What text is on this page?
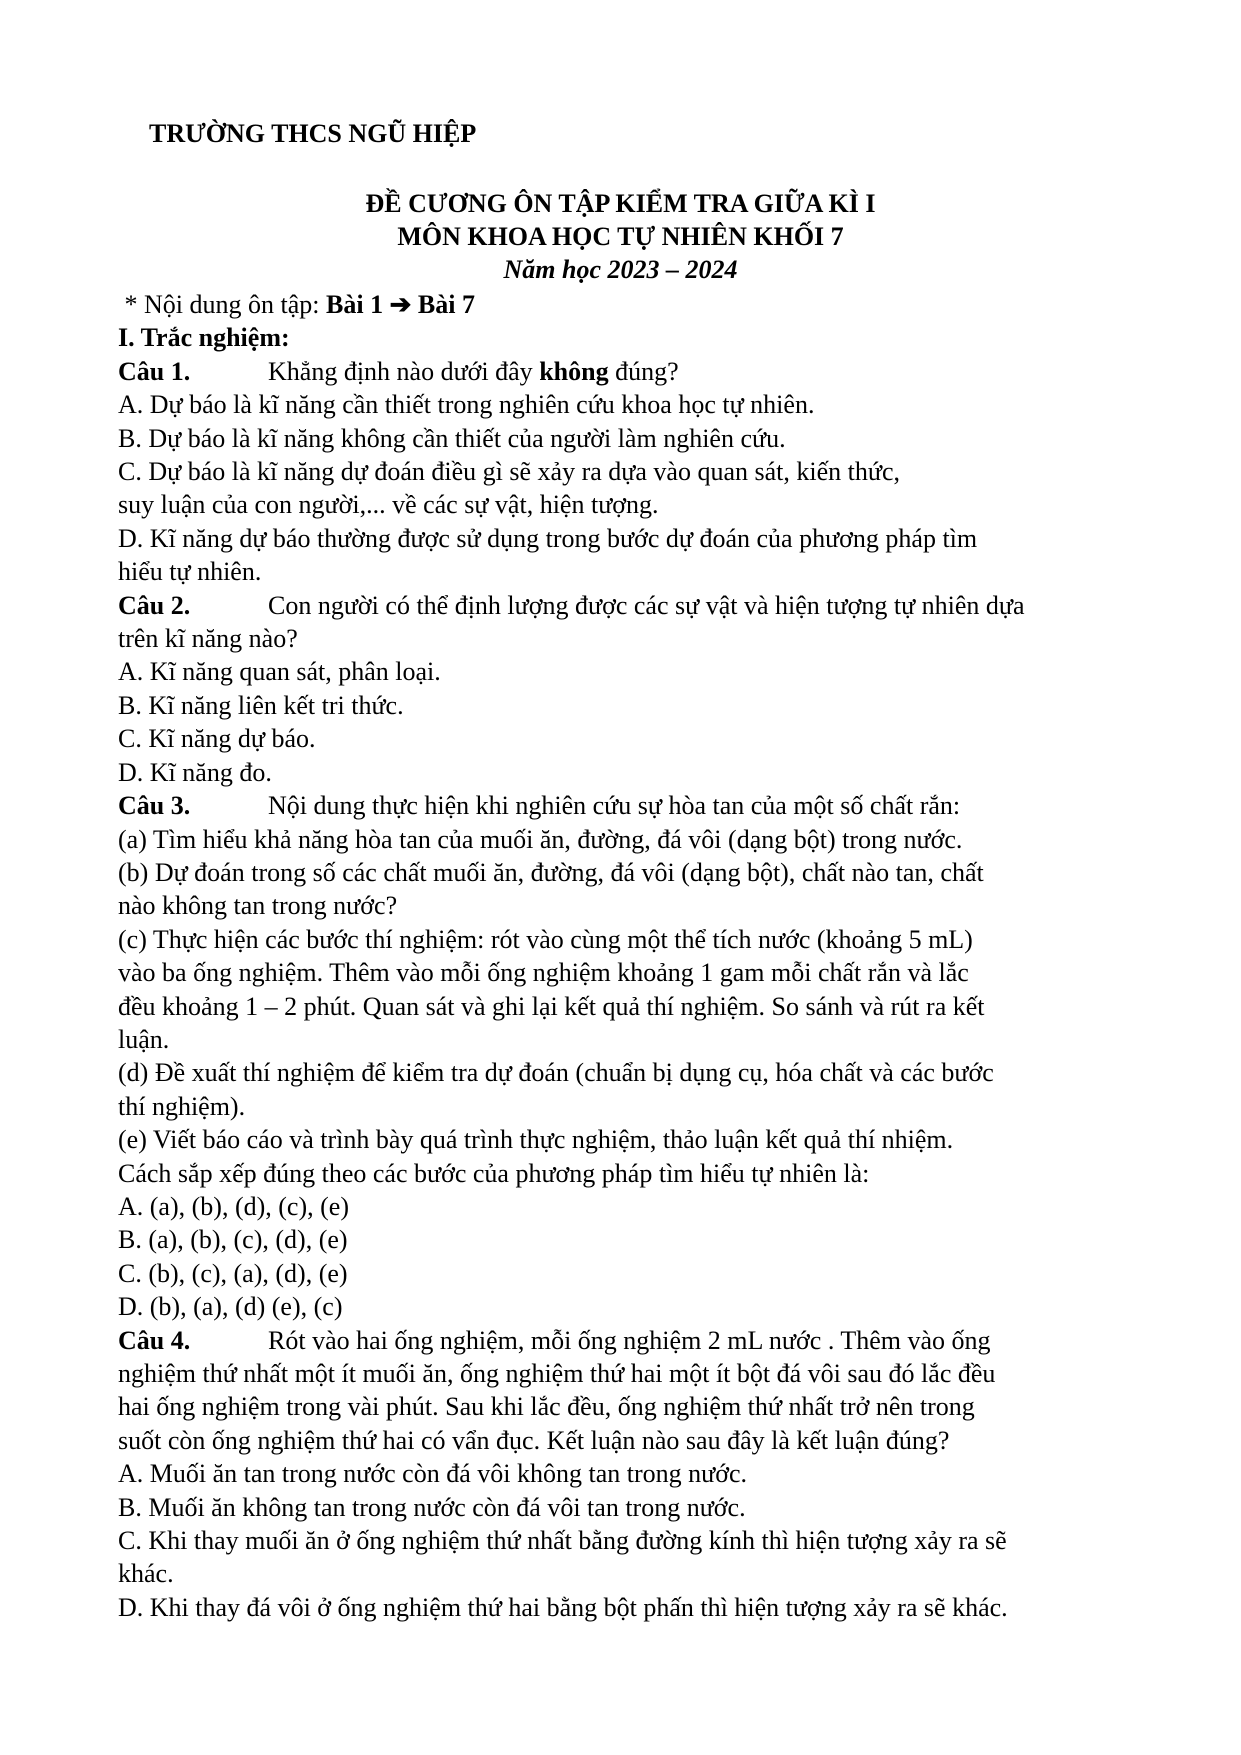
TRƯỜNG THCS NGŨ HIỆP
ĐỀ CƯƠNG ÔN TẬP KIỂM TRA GIỮA KÌ I
MÔN KHOA HỌC TỰ NHIÊN KHỐI 7
Năm học 2023 – 2024
* Nội dung ôn tập: Bài 1 ➔ Bài 7
I. Trắc nghiệm:
Câu 1.	Khẳng định nào dưới đây không đúng?
A. Dự báo là kĩ năng cần thiết trong nghiên cứu khoa học tự nhiên.
B. Dự báo là kĩ năng không cần thiết của người làm nghiên cứu.
C. Dự báo là kĩ năng dự đoán điều gì sẽ xảy ra dựa vào quan sát, kiến thức,
suy luận của con người,... về các sự vật, hiện tượng.
D. Kĩ năng dự báo thường được sử dụng trong bước dự đoán của phương pháp tìm
hiểu tự nhiên.
Câu 2.	Con người có thể định lượng được các sự vật và hiện tượng tự nhiên dựa
trên kĩ năng nào?
A. Kĩ năng quan sát, phân loại.
B. Kĩ năng liên kết tri thức.
C. Kĩ năng dự báo.
D. Kĩ năng đo.
Câu 3.	Nội dung thực hiện khi nghiên cứu sự hòa tan của một số chất rắn:
(a) Tìm hiểu khả năng hòa tan của muối ăn, đường, đá vôi (dạng bột) trong nước.
(b) Dự đoán trong số các chất muối ăn, đường, đá vôi (dạng bột), chất nào tan, chất
nào không tan trong nước?
(c) Thực hiện các bước thí nghiệm: rót vào cùng một thể tích nước (khoảng 5 mL)
vào ba ống nghiệm. Thêm vào mỗi ống nghiệm khoảng 1 gam mỗi chất rắn và lắc
đều khoảng 1 – 2 phút. Quan sát và ghi lại kết quả thí nghiệm. So sánh và rút ra kết
luận.
(d) Đề xuất thí nghiệm để kiểm tra dự đoán (chuẩn bị dụng cụ, hóa chất và các bước
thí nghiệm).
(e) Viết báo cáo và trình bày quá trình thực nghiệm, thảo luận kết quả thí nhiệm.
Cách sắp xếp đúng theo các bước của phương pháp tìm hiểu tự nhiên là:
A. (a), (b), (d), (c), (e)
B. (a), (b), (c), (d), (e)
C. (b), (c), (a), (d), (e)
D. (b), (a), (d) (e), (c)
Câu 4.	Rót vào hai ống nghiệm, mỗi ống nghiệm 2 mL nước . Thêm vào ống
nghiệm thứ nhất một ít muối ăn, ống nghiệm thứ hai một ít bột đá vôi sau đó lắc đều
hai ống nghiệm trong vài phút. Sau khi lắc đều, ống nghiệm thứ nhất trở nên trong
suốt còn ống nghiệm thứ hai có vẩn đục. Kết luận nào sau đây là kết luận đúng?
A. Muối ăn tan trong nước còn đá vôi không tan trong nước.
B. Muối ăn không tan trong nước còn đá vôi tan trong nước.
C. Khi thay muối ăn ở ống nghiệm thứ nhất bằng đường kính thì hiện tượng xảy ra sẽ
khác.
D. Khi thay đá vôi ở ống nghiệm thứ hai bằng bột phấn thì hiện tượng xảy ra sẽ khác.
